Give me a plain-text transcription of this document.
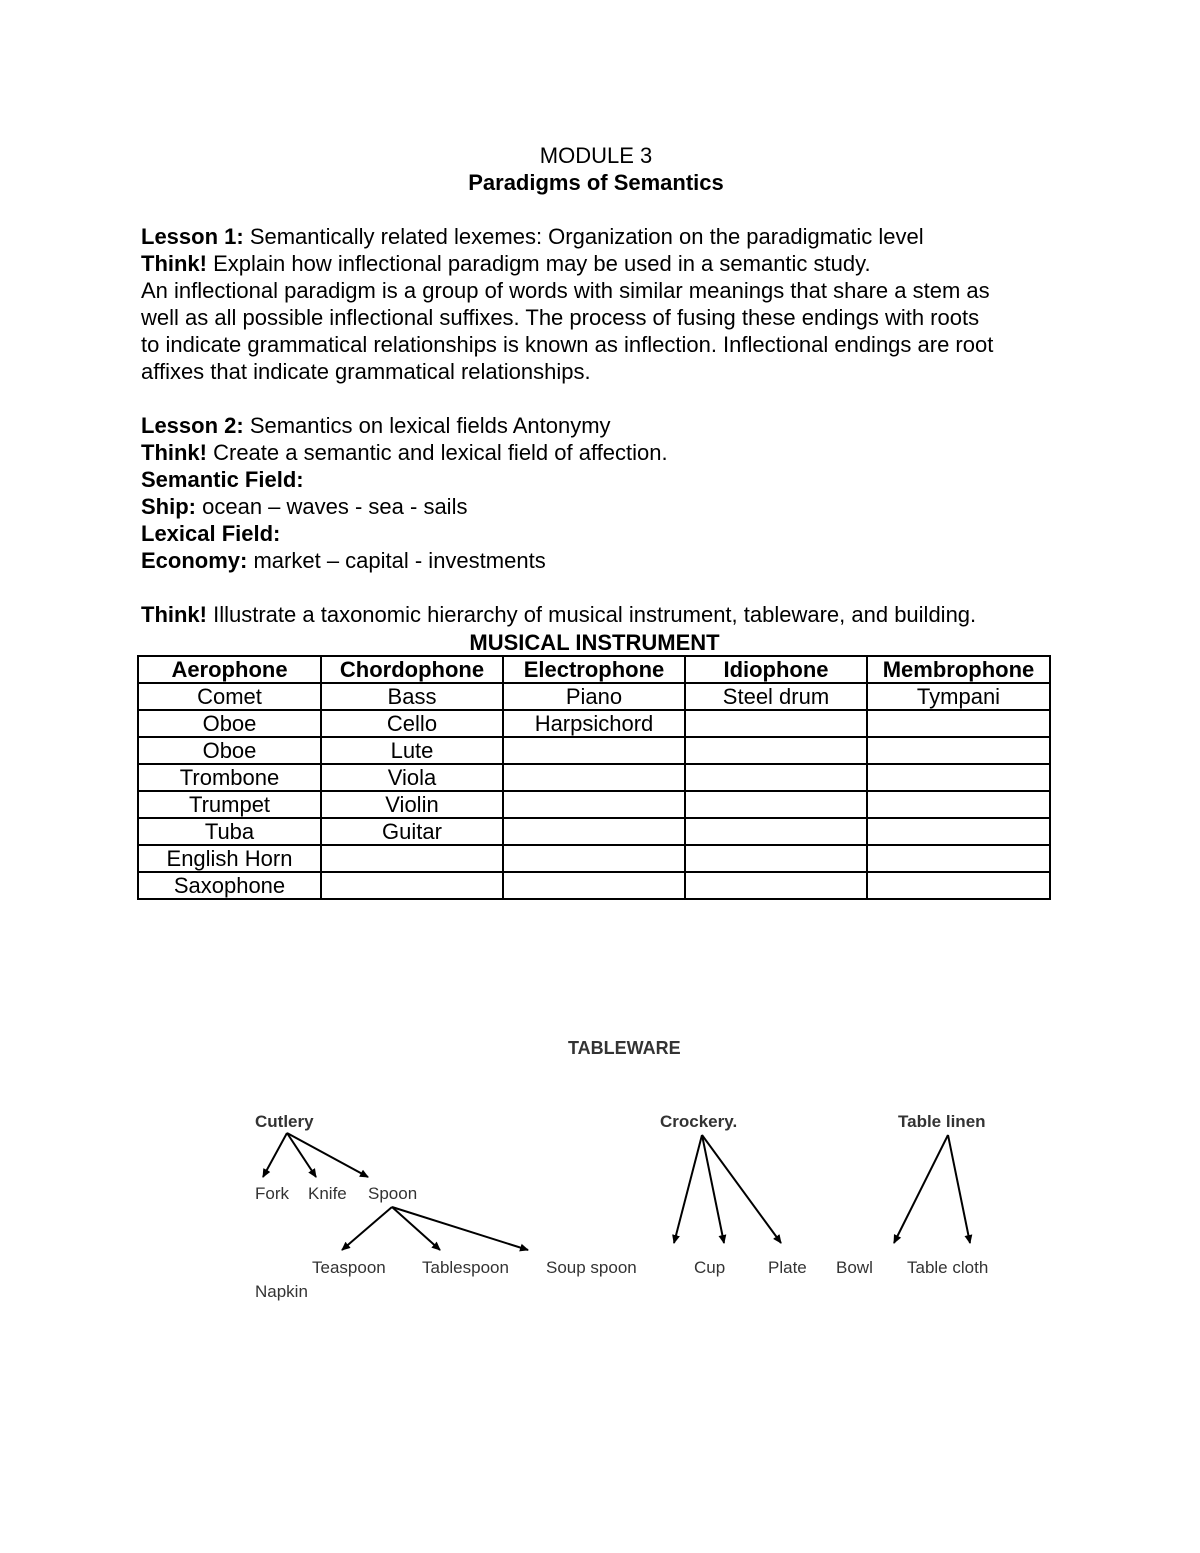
MODULE 3
Paradigms of Semantics
Lesson 1: Semantically related lexemes: Organization on the paradigmatic level
Think! Explain how inflectional paradigm may be used in a semantic study.
An inflectional paradigm is a group of words with similar meanings that share a stem as
well as all possible inflectional suffixes. The process of fusing these endings with roots
to indicate grammatical relationships is known as inflection. Inflectional endings are root
affixes that indicate grammatical relationships.
Lesson 2: Semantics on lexical fields Antonymy
Think! Create a semantic and lexical field of affection.
Semantic Field:
Ship: ocean – waves - sea - sails
Lexical Field:
Economy: market – capital - investments
Think! Illustrate a taxonomic hierarchy of musical instrument, tableware, and building.
MUSICAL INSTRUMENT
Aerophone	Chordophone	Electrophone	Idiophone	Membrophone
Comet	Bass	Piano	Steel drum	Tympani
Oboe	Cello	Harpsichord		
Oboe	Lute			
Trombone	Viola			
Trumpet	Violin			
Tuba	Guitar			
English Horn				
Saxophone				
TABLEWARE
Cutlery
Fork Knife Spoon
Teaspoon Tablespoon Soup spoon
Napkin
Crockery.
Cup	Plate
Table linen
Bowl Table cloth
